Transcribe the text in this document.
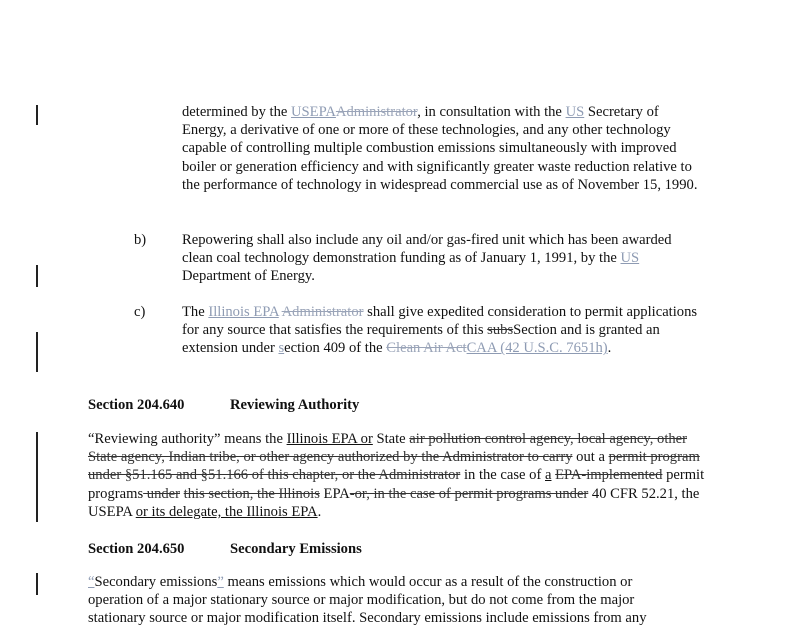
determined by the USEPAAdministrator, in consultation with the US Secretary of Energy, a derivative of one or more of these technologies, and any other technology capable of controlling multiple combustion emissions simultaneously with improved boiler or generation efficiency and with significantly greater waste reduction relative to the performance of technology in widespread commercial use as of November 15, 1990.

b) Repowering shall also include any oil and/or gas-fired unit which has been awarded clean coal technology demonstration funding as of January 1, 1991, by the US Department of Energy.

c)	The Illinois EPA Administrator shall give expedited consideration to permit applications for any source that satisfies the requirements of this subsSection and is granted an extension under section 409 of the Clean Air ActCAA (42 U.S.C. 7651h).

Section 204.640	Reviewing Authority

“Reviewing authority” means the Illinois EPA or State air pollution control agency, local agency, other State agency, Indian tribe, or other agency authorized by the Administrator to carry out a permit program under §51.165 and §51.166 of this chapter, or the Administrator in the case of a EPA-implemented permit programs under this section, the Illinois EPA-or, in the case of permit programs under 40 CFR 52.21, the USEPA or its delegate, the Illinois EPA.

Section 204.650	Secondary Emissions

“Secondary emissions” means emissions which would occur as a result of the construction or operation of a major stationary source or major modification, but do not come from the major stationary source or major modification itself. Secondary emissions include emissions from any
